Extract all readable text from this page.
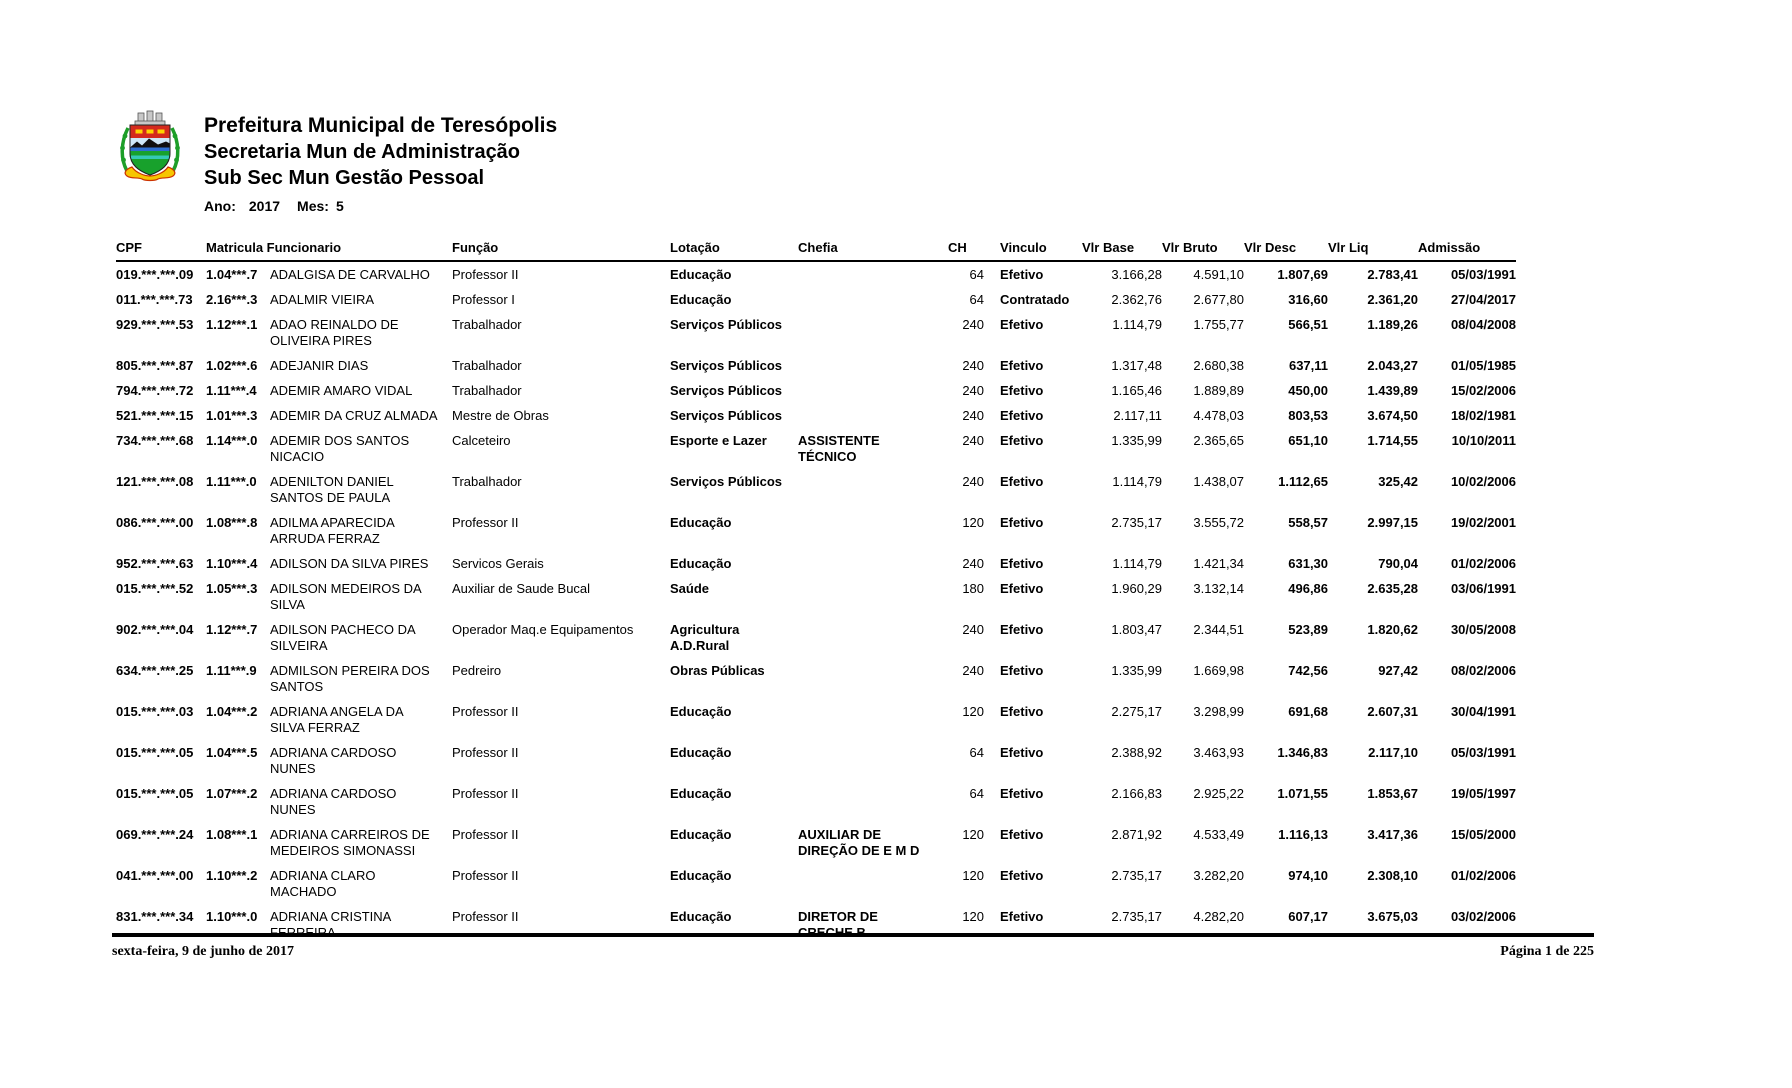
Prefeitura Municipal de Teresópolis
Secretaria Mun de Administração
Sub Sec Mun Gestão Pessoal
Ano: 2017 Mes: 5
CPF	Matricula Funcionario		Função	Lotação	Chefia	CH	Vinculo	Vlr Base	Vlr Bruto	Vlr Desc	Vlr Liq	Admissão
019.***.***.09	1.04***.7	ADALGISA DE CARVALHO	Professor II	Educação		64	Efetivo	3.166,28	4.591,10	1.807,69	2.783,41	05/03/1991
011.***.***.73	2.16***.3	ADALMIR VIEIRA	Professor I	Educação		64	Contratado	2.362,76	2.677,80	316,60	2.361,20	27/04/2017
929.***.***.53	1.12***.1	ADAO REINALDO DE OLIVEIRA PIRES	Trabalhador	Serviços Públicos		240	Efetivo	1.114,79	1.755,77	566,51	1.189,26	08/04/2008
805.***.***.87	1.02***.6	ADEJANIR DIAS	Trabalhador	Serviços Públicos		240	Efetivo	1.317,48	2.680,38	637,11	2.043,27	01/05/1985
794.***.***.72	1.11***.4	ADEMIR AMARO VIDAL	Trabalhador	Serviços Públicos		240	Efetivo	1.165,46	1.889,89	450,00	1.439,89	15/02/2006
521.***.***.15	1.01***.3	ADEMIR DA CRUZ ALMADA	Mestre de Obras	Serviços Públicos		240	Efetivo	2.117,11	4.478,03	803,53	3.674,50	18/02/1981
734.***.***.68	1.14***.0	ADEMIR DOS SANTOS NICACIO	Calceteiro	Esporte e Lazer	ASSISTENTE TÉCNICO	240	Efetivo	1.335,99	2.365,65	651,10	1.714,55	10/10/2011
121.***.***.08	1.11***.0	ADENILTON DANIEL SANTOS DE PAULA	Trabalhador	Serviços Públicos		240	Efetivo	1.114,79	1.438,07	1.112,65	325,42	10/02/2006
086.***.***.00	1.08***.8	ADILMA APARECIDA ARRUDA FERRAZ	Professor II	Educação		120	Efetivo	2.735,17	3.555,72	558,57	2.997,15	19/02/2001
952.***.***.63	1.10***.4	ADILSON DA SILVA PIRES	Servicos Gerais	Educação		240	Efetivo	1.114,79	1.421,34	631,30	790,04	01/02/2006
015.***.***.52	1.05***.3	ADILSON MEDEIROS DA SILVA	Auxiliar de Saude Bucal	Saúde		180	Efetivo	1.960,29	3.132,14	496,86	2.635,28	03/06/1991
902.***.***.04	1.12***.7	ADILSON PACHECO DA SILVEIRA	Operador Maq.e Equipamentos	Agricultura A.D.Rural		240	Efetivo	1.803,47	2.344,51	523,89	1.820,62	30/05/2008
634.***.***.25	1.11***.9	ADMILSON PEREIRA DOS SANTOS	Pedreiro	Obras Públicas		240	Efetivo	1.335,99	1.669,98	742,56	927,42	08/02/2006
015.***.***.03	1.04***.2	ADRIANA ANGELA DA SILVA FERRAZ	Professor II	Educação		120	Efetivo	2.275,17	3.298,99	691,68	2.607,31	30/04/1991
015.***.***.05	1.04***.5	ADRIANA CARDOSO NUNES	Professor II	Educação		64	Efetivo	2.388,92	3.463,93	1.346,83	2.117,10	05/03/1991
015.***.***.05	1.07***.2	ADRIANA CARDOSO NUNES	Professor II	Educação		64	Efetivo	2.166,83	2.925,22	1.071,55	1.853,67	19/05/1997
069.***.***.24	1.08***.1	ADRIANA CARREIROS DE MEDEIROS SIMONASSI	Professor II	Educação	AUXILIAR DE DIREÇÃO DE E M D	120	Efetivo	2.871,92	4.533,49	1.116,13	3.417,36	15/05/2000
041.***.***.00	1.10***.2	ADRIANA CLARO MACHADO	Professor II	Educação		120	Efetivo	2.735,17	3.282,20	974,10	2.308,10	01/02/2006
831.***.***.34	1.10***.0	ADRIANA CRISTINA FERREIRA	Professor II	Educação	DIRETOR DE CRECHE B	120	Efetivo	2.735,17	4.282,20	607,17	3.675,03	03/02/2006
sexta-feira, 9 de junho de 2017	Página 1 de 225
